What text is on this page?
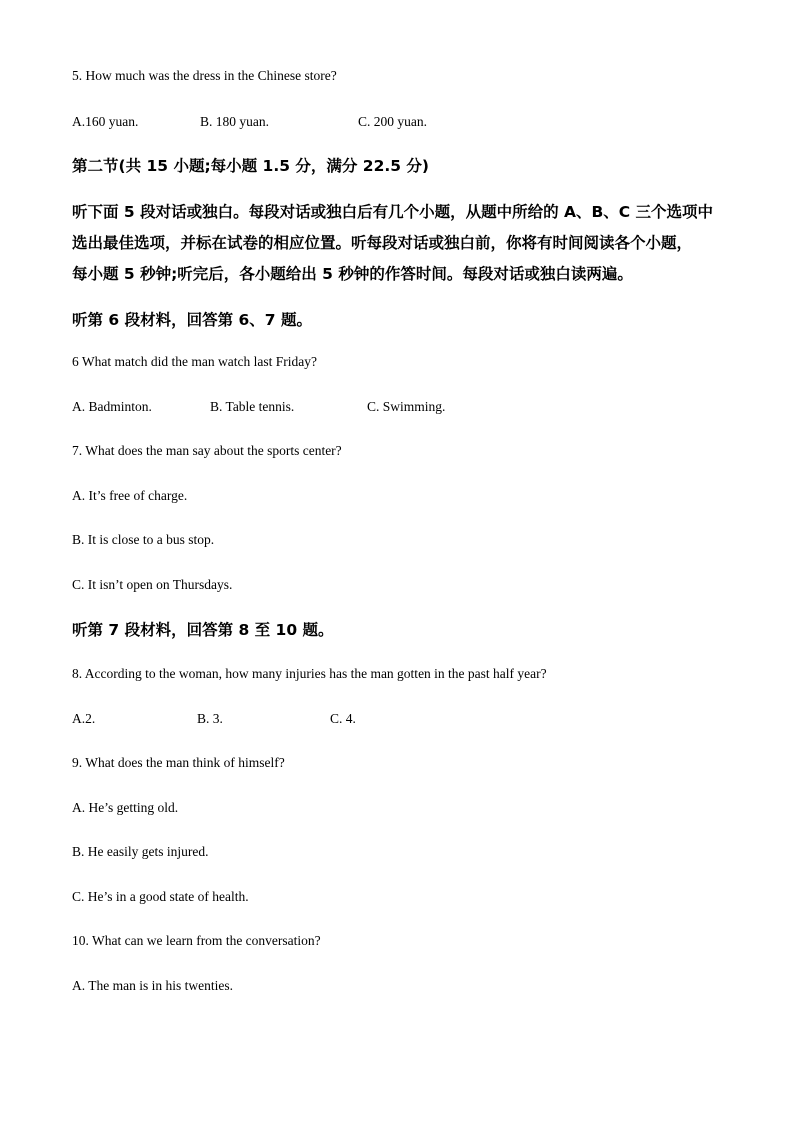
5. How much was the dress in the Chinese store?
A.160 yuan.	B. 180 yuan.	C. 200 yuan.
第二节(共 15 小题;每小题 1.5 分，满分 22.5 分)
听下面 5 段对话或独白。每段对话或独白后有几个小题，从题中所给的 A、B、C 三个选项中
选出最佳选项，并标在试卷的相应位置。听每段对话或独白前，你将有时间阅读各个小题，
每小题 5 秒钟;听完后，各小题给出 5 秒钟的作答时间。每段对话或独白读两遍。
听第 6 段材料，回答第 6、7 题。
6 What match did the man watch last Friday?
A. Badminton.	B. Table tennis.	C. Swimming.
7. What does the man say about the sports center?
A. It’s free of charge.
B. It is close to a bus stop.
C. It isn’t open on Thursdays.
听第 7 段材料，回答第 8 至 10 题。
8. According to the woman, how many injuries has the man gotten in the past half year?
A.2.	B. 3.	C. 4.
9. What does the man think of himself?
A. He’s getting old.
B. He easily gets injured.
C. He’s in a good state of health.
10. What can we learn from the conversation?
A. The man is in his twenties.
